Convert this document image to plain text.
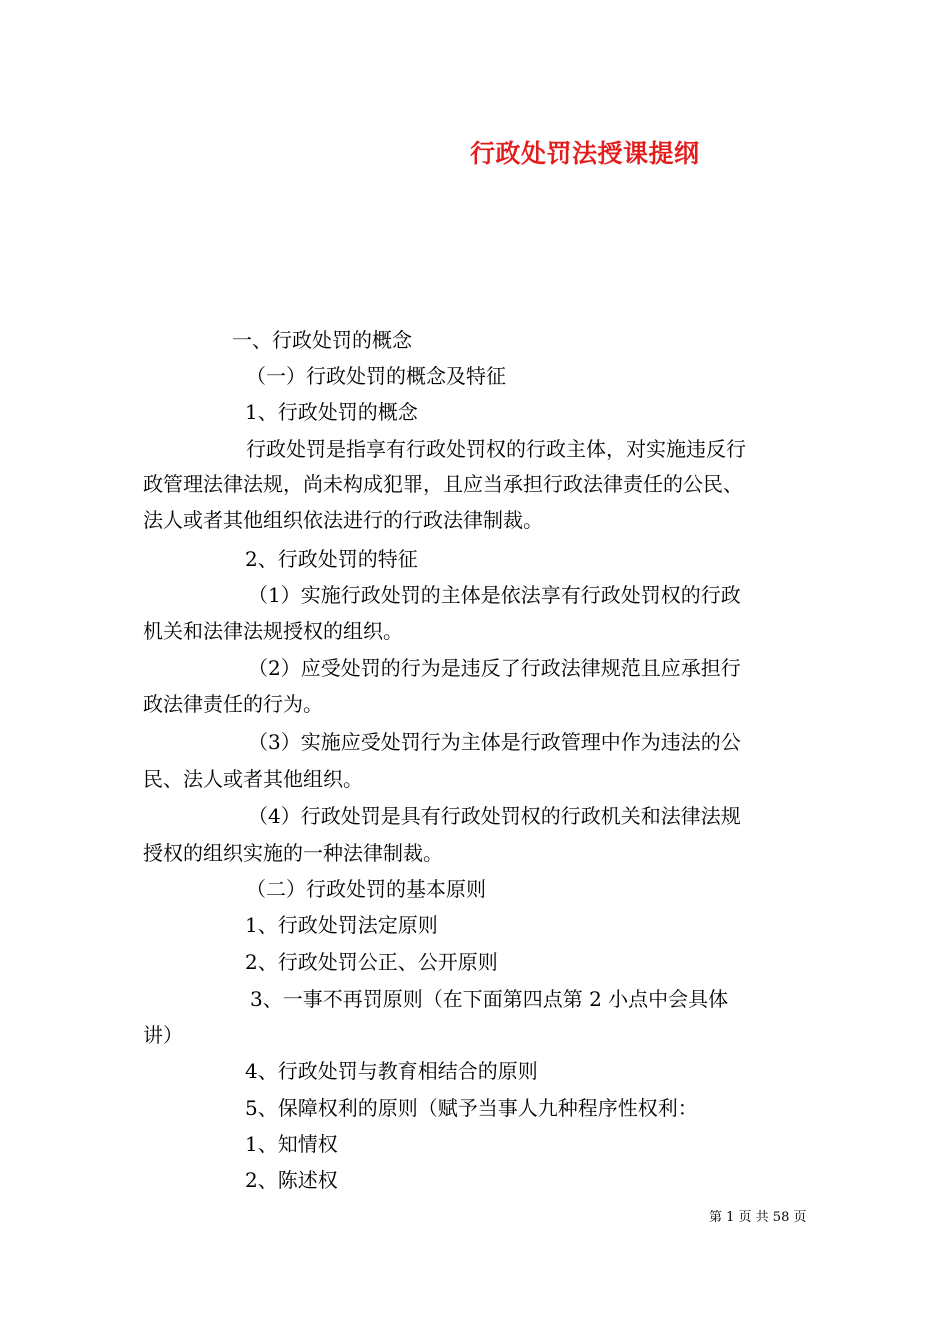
行政处罚法授课提纲
一、行政处罚的概念
（一）行政处罚的概念及特征
1、行政处罚的概念
行政处罚是指享有行政处罚权的行政主体，对实施违反行
政管理法律法规，尚未构成犯罪，且应当承担行政法律责任的公民、
法人或者其他组织依法进行的行政法律制裁。
2、行政处罚的特征
（1）实施行政处罚的主体是依法享有行政处罚权的行政
机关和法律法规授权的组织。
（2）应受处罚的行为是违反了行政法律规范且应承担行
政法律责任的行为。
（3）实施应受处罚行为主体是行政管理中作为违法的公
民、法人或者其他组织。
（4）行政处罚是具有行政处罚权的行政机关和法律法规
授权的组织实施的一种法律制裁。
（二）行政处罚的基本原则
1、行政处罚法定原则
2、行政处罚公正、公开原则
3、一事不再罚原则（在下面第四点第 2 小点中会具体
讲）
4、行政处罚与教育相结合的原则
5、保障权利的原则（赋予当事人九种程序性权利：
1、知情权
2、陈述权
第 1 页 共 58 页
